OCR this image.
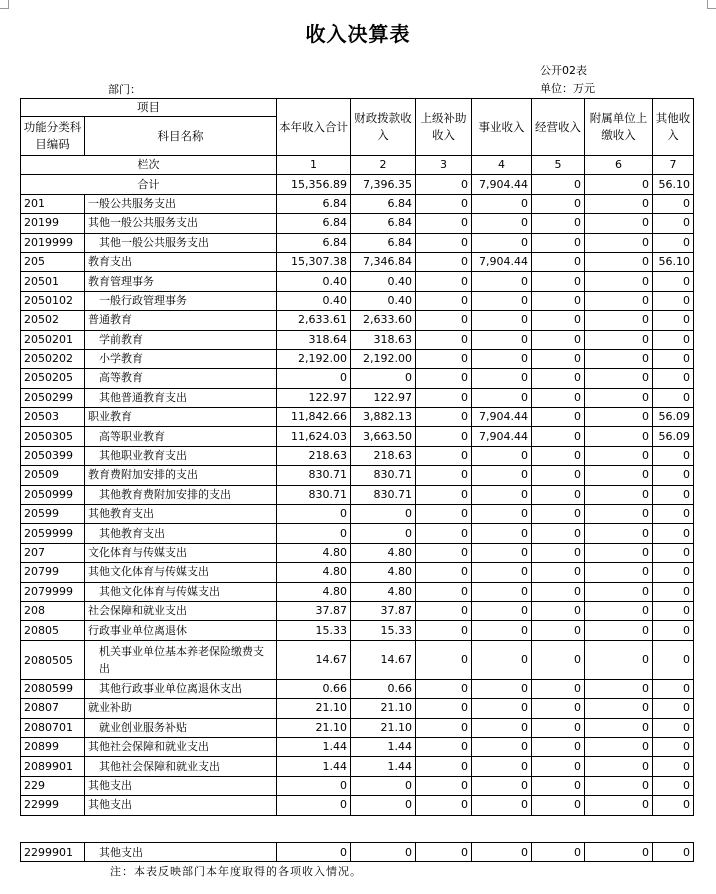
收入决算表
公开02表
单位：万元
部门：
项目		本年收入合计	财政拨款收入	上级补助收入	事业收入	经营收入	附属单位上缴收入	其他收入
功能分类科目编码	科目名称							
栏次		1	2	3	4	5	6	7
合计		15,356.89	7,396.35	0	7,904.44	0	0	56.10
201	一般公共服务支出	6.84	6.84	0	0	0	0	0
20199	其他一般公共服务支出	6.84	6.84	0	0	0	0	0
2019999	其他一般公共服务支出	6.84	6.84	0	0	0	0	0
205	教育支出	15,307.38	7,346.84	0	7,904.44	0	0	56.10
20501	教育管理事务	0.40	0.40	0	0	0	0	0
2050102	一般行政管理事务	0.40	0.40	0	0	0	0	0
20502	普通教育	2,633.61	2,633.60	0	0	0	0	0
2050201	学前教育	318.64	318.63	0	0	0	0	0
2050202	小学教育	2,192.00	2,192.00	0	0	0	0	0
2050205	高等教育	0	0	0	0	0	0	0
2050299	其他普通教育支出	122.97	122.97	0	0	0	0	0
20503	职业教育	11,842.66	3,882.13	0	7,904.44	0	0	56.09
2050305	高等职业教育	11,624.03	3,663.50	0	7,904.44	0	0	56.09
2050399	其他职业教育支出	218.63	218.63	0	0	0	0	0
20509	教育费附加安排的支出	830.71	830.71	0	0	0	0	0
2050999	其他教育费附加安排的支出	830.71	830.71	0	0	0	0	0
20599	其他教育支出	0	0	0	0	0	0	0
2059999	其他教育支出	0	0	0	0	0	0	0
207	文化体育与传媒支出	4.80	4.80	0	0	0	0	0
20799	其他文化体育与传媒支出	4.80	4.80	0	0	0	0	0
2079999	其他文化体育与传媒支出	4.80	4.80	0	0	0	0	0
208	社会保障和就业支出	37.87	37.87	0	0	0	0	0
20805	行政事业单位离退休	15.33	15.33	0	0	0	0	0
2080505	机关事业单位基本养老保险缴费支出	14.67	14.67	0	0	0	0	0
2080599	其他行政事业单位离退休支出	0.66	0.66	0	0	0	0	0
20807	就业补助	21.10	21.10	0	0	0	0	0
2080701	就业创业服务补贴	21.10	21.10	0	0	0	0	0
20899	其他社会保障和就业支出	1.44	1.44	0	0	0	0	0
2089901	其他社会保障和就业支出	1.44	1.44	0	0	0	0	0
229	其他支出	0	0	0	0	0	0	0
22999	其他支出	0	0	0	0	0	0	0
2299901	其他支出	0	0	0	0	0	0	0
注：本表反映部门本年度取得的各项收入情况。
